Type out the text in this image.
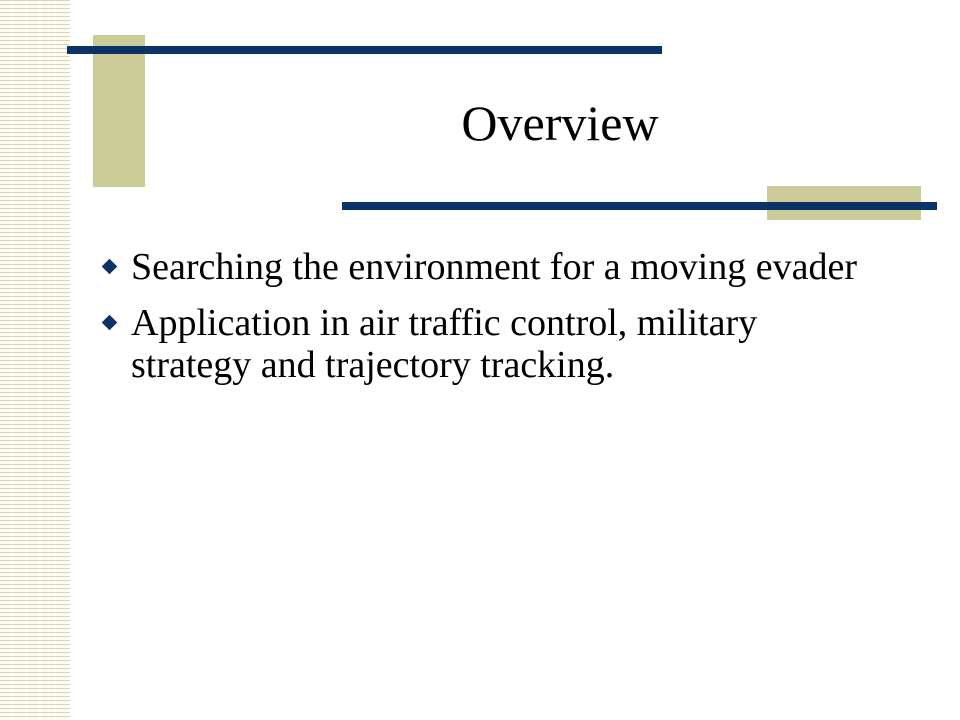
Overview
Searching the environment for a moving evader
Application in air traffic control, military strategy and trajectory tracking.
